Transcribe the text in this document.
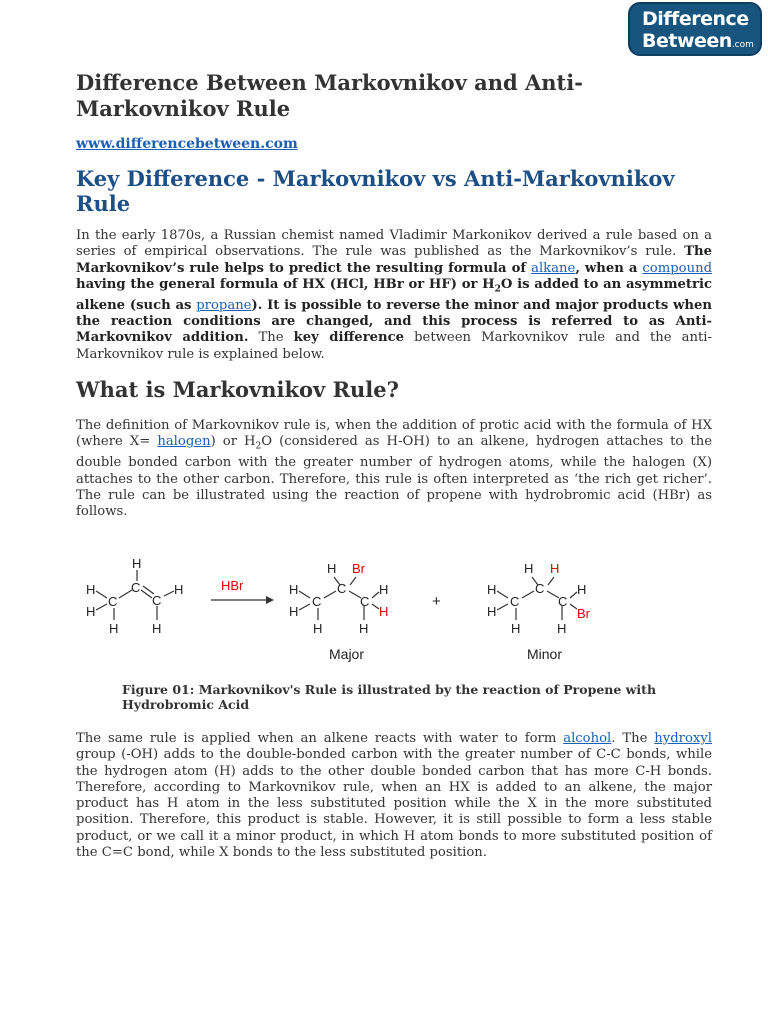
Difference
Between.com
Difference Between Markovnikov and Anti-Markovnikov Rule
www.differencebetween.com
Key Difference - Markovnikov vs Anti-Markovnikov Rule

In the early 1870s, a Russian chemist named Vladimir Markonikov derived a rule based on a series of empirical observations. The rule was published as the Markovnikov’s rule. The Markovnikov’s rule helps to predict the resulting formula of alkane, when a compound having the general formula of HX (HCl, HBr or HF) or $H_2O$ is added to an asymmetric alkene (such as propane). It is possible to reverse the minor and major products when the reaction conditions are changed, and this process is referred to as Anti-Markovnikov addition. The key difference between Markovnikov rule and the anti-Markovnikov rule is explained below.

What is Markovnikov Rule?

The definition of Markovnikov rule is, when the addition of protic acid with the formula of HX (where X= halogen) or $H_2O$ (considered as H-OH) to an alkene, hydrogen attaches to the double bonded carbon with the greater number of hydrogen atoms, while the halogen (X) attaches to the other carbon. Therefore, this rule is often interpreted as ‘the rich get richer’. The rule can be illustrated using the reaction of propene with hydrobromic acid (HBr) as follows.

H
H
H
C
C
C
H
H	H
HBr
H Br
H
H
C
C
C
H
H
H	H
+
H H
H
H
C
C
C
H
Br
H	H
Major	Minor
Figure 01: Markovnikov's Rule is illustrated by the reaction of Propene with Hydrobromic Acid

The same rule is applied when an alkene reacts with water to form alcohol. The hydroxyl group (-OH) adds to the double-bonded carbon with the greater number of C-C bonds, while the hydrogen atom (H) adds to the other double bonded carbon that has more C-H bonds. Therefore, according to Markovnikov rule, when an HX is added to an alkene, the major product has H atom in the less substituted position while the X in the more substituted position. Therefore, this product is stable. However, it is still possible to form a less stable product, or we call it a minor product, in which H atom bonds to more substituted position of the C=C bond, while X bonds to the less substituted position.
